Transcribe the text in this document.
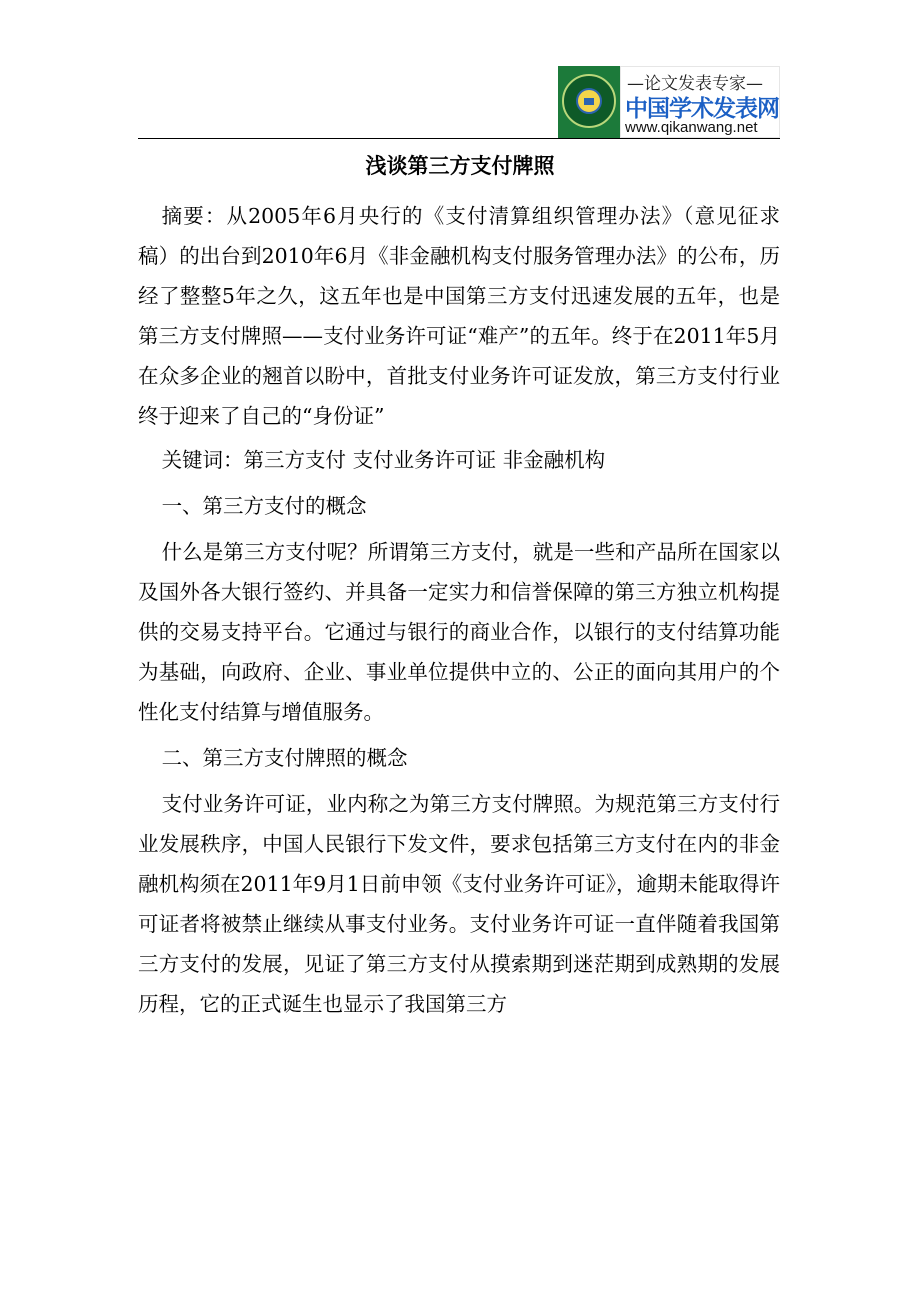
—论文发表专家—
中国学术发表网
www.qikanwang.net
浅谈第三方支付牌照

摘要：从2005年6月央行的《支付清算组织管理办法》（意见征求稿）的出台到2010年6月《非金融机构支付服务管理办法》的公布，历经了整整5年之久，这五年也是中国第三方支付迅速发展的五年，也是第三方支付牌照——支付业务许可证“难产”的五年。终于在2011年5月在众多企业的翘首以盼中，首批支付业务许可证发放，第三方支付行业终于迎来了自己的“身份证”

关键词：第三方支付 支付业务许可证 非金融机构

一、第三方支付的概念

什么是第三方支付呢？所谓第三方支付，就是一些和产品所在国家以及国外各大银行签约、并具备一定实力和信誉保障的第三方独立机构提供的交易支持平台。它通过与银行的商业合作，以银行的支付结算功能为基础，向政府、企业、事业单位提供中立的、公正的面向其用户的个性化支付结算与增值服务。

二、第三方支付牌照的概念

支付业务许可证，业内称之为第三方支付牌照。为规范第三方支付行业发展秩序，中国人民银行下发文件，要求包括第三方支付在内的非金融机构须在2011年9月1日前申领《支付业务许可证》，逾期未能取得许可证者将被禁止继续从事支付业务。支付业务许可证一直伴随着我国第三方支付的发展，见证了第三方支付从摸索期到迷茫期到成熟期的发展历程，它的正式诞生也显示了我国第三方
